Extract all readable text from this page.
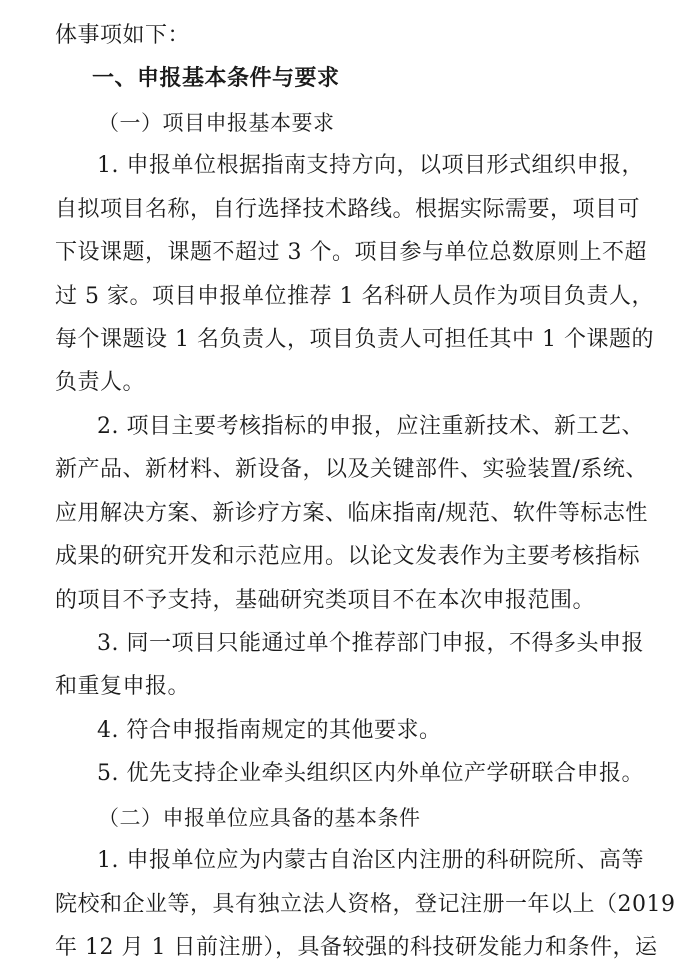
体事项如下：
一、申报基本条件与要求
（一）项目申报基本要求
1. 申报单位根据指南支持方向，以项目形式组织申报，
自拟项目名称，自行选择技术路线。根据实际需要，项目可
下设课题，课题不超过 3 个。项目参与单位总数原则上不超
过 5 家。项目申报单位推荐 1 名科研人员作为项目负责人，
每个课题设 1 名负责人，项目负责人可担任其中 1 个课题的
负责人。
2. 项目主要考核指标的申报，应注重新技术、新工艺、
新产品、新材料、新设备，以及关键部件、实验装置/系统、
应用解决方案、新诊疗方案、临床指南/规范、软件等标志性
成果的研究开发和示范应用。以论文发表作为主要考核指标
的项目不予支持，基础研究类项目不在本次申报范围。
3. 同一项目只能通过单个推荐部门申报，不得多头申报
和重复申报。
4. 符合申报指南规定的其他要求。
5. 优先支持企业牵头组织区内外单位产学研联合申报。
（二）申报单位应具备的基本条件
1. 申报单位应为内蒙古自治区内注册的科研院所、高等
院校和企业等，具有独立法人资格，登记注册一年以上（2019
年 12 月 1 日前注册），具备较强的科技研发能力和条件，运
